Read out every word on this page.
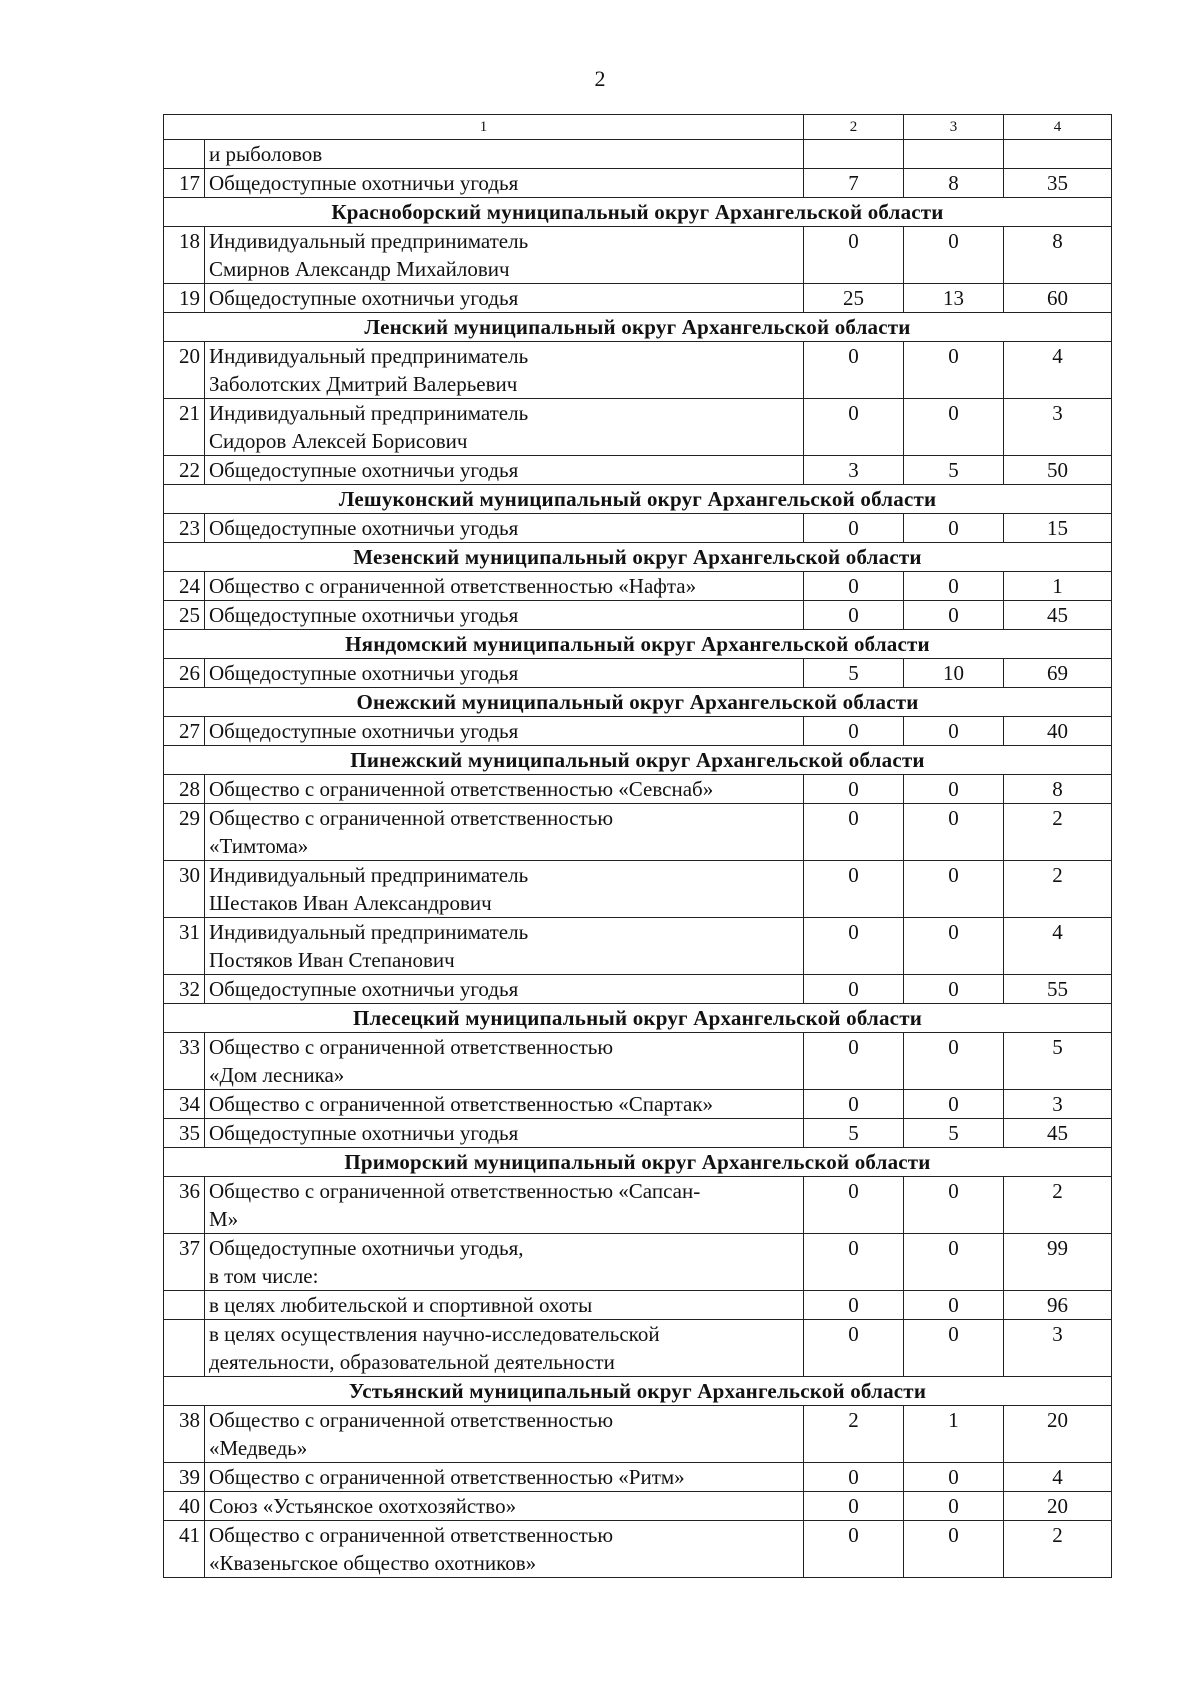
2
1		2	3	4

	и рыболовов			

17	Общедоступные охотничьи угодья	7	8	35
Красноборский муниципальный округ Архангельской области				
18	Индивидуальный предприниматель
Смирнов Александр Михайлович	0	0	8
19	Общедоступные охотничьи угодья	25	13	60
Ленский муниципальный округ Архангельской области				
20	Индивидуальный предприниматель
Заболотских Дмитрий Валерьевич	0	0	4
21	Индивидуальный предприниматель
Сидоров Алексей Борисович	0	0	3
22	Общедоступные охотничьи угодья	3	5	50
Лешуконский муниципальный округ Архангельской области				
23	Общедоступные охотничьи угодья	0	0	15
Мезенский муниципальный округ Архангельской области				
24	Общество с ограниченной ответственностью «Нафта»	0	0	1
25	Общедоступные охотничьи угодья	0	0	45
Няндомский муниципальный округ Архангельской области				
26	Общедоступные охотничьи угодья	5	10	69
Онежский муниципальный округ Архангельской области				
27	Общедоступные охотничьи угодья	0	0	40
Пинежский муниципальный округ Архангельской области				
28	Общество с ограниченной ответственностью «Севснаб»	0	0	8
29	Общество с ограниченной ответственностью
«Тимтома»	0	0	2
30	Индивидуальный предприниматель
Шестаков Иван Александрович	0	0	2
31	Индивидуальный предприниматель
Постяков Иван Степанович	0	0	4
32	Общедоступные охотничьи угодья	0	0	55
Плесецкий муниципальный округ Архангельской области				
33	Общество с ограниченной ответственностью
«Дом лесника»	0	0	5
34	Общество с ограниченной ответственностью «Спартак»	0	0	3
35	Общедоступные охотничьи угодья	5	5	45
Приморский муниципальный округ Архангельской области				
36	Общество с ограниченной ответственностью «Сапсан-
М»	0	0	2
37	Общедоступные охотничьи угодья,
в том числе:	0	0	99

	в целях любительской и спортивной охоты	0	0	96

	в целях осуществления научно-исследовательской
деятельности, образовательной деятельности	0	0	3
Устьянский муниципальный округ Архангельской области				
38	Общество с ограниченной ответственностью
«Медведь»	2	1	20
39	Общество с ограниченной ответственностью «Ритм»	0	0	4
40	Союз «Устьянское охотхозяйство»	0	0	20
41	Общество с ограниченной ответственностью
«Квазеньгское общество охотников»	0	0	2
